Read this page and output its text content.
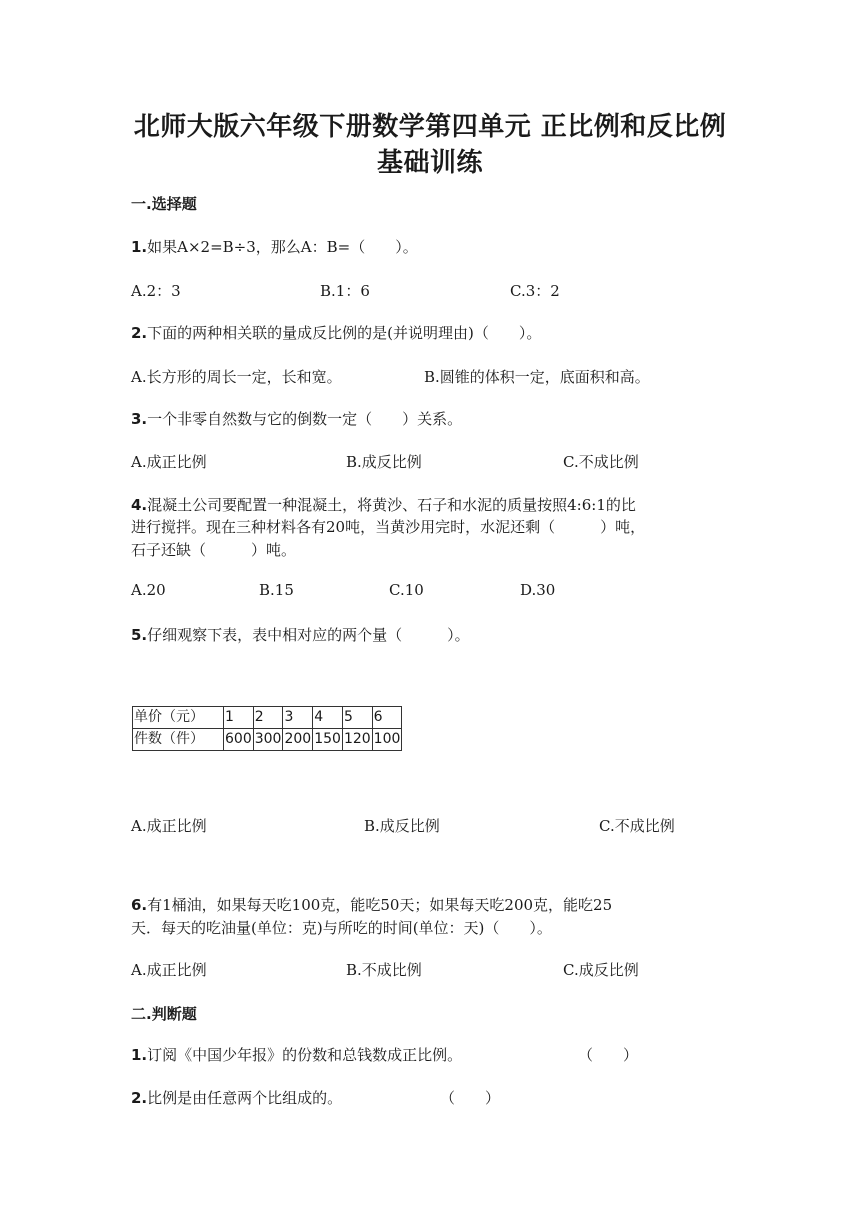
北师大版六年级下册数学第四单元 正比例和反比例
基础训练
一.选择题
1.如果A×2=B÷3，那么A：B=（　　）。
A.2：3	B.1：6	C.3：2
2.下面的两种相关联的量成反比例的是(并说明理由)（　　）。
A.长方形的周长一定，长和宽。	B.圆锥的体积一定，底面积和高。
3.一个非零自然数与它的倒数一定（　　）关系。
A.成正比例	B.成反比例	C.不成比例
4.混凝土公司要配置一种混凝土，将黄沙、石子和水泥的质量按照4:6:1的比
进行搅拌。现在三种材料各有20吨，当黄沙用完时，水泥还剩（　　　）吨，
石子还缺（　　　）吨。
A.20	B.15	C.10	D.30
5.仔细观察下表，表中相对应的两个量（　　　）。
单价（元）	1	2	3	4	5	6
件数（件）	600	300	200	150	120	100
A.成正比例	B.成反比例	C.不成比例
6.有1桶油，如果每天吃100克，能吃50天；如果每天吃200克，能吃25
天．每天的吃油量(单位：克)与所吃的时间(单位：天)（　　）。
A.成正比例	B.不成比例	C.成反比例
二.判断题
1.订阅《中国少年报》的份数和总钱数成正比例。	（　　）
2.比例是由任意两个比组成的。	（　　）
